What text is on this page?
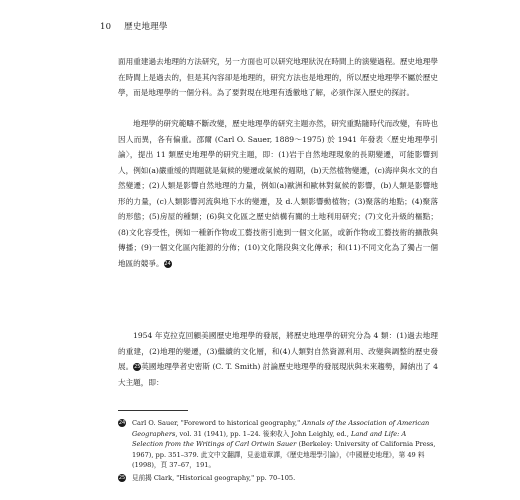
10 歷史地理學
面用重建過去地理的方法研究，另一方面也可以研究地理狀況在時間上的演變過程。歷史地理學在時間上是過去的，但是其內容卻是地理的，研究方法也是地理的，所以歷史地理學不屬於歷史學，而是地理學的一個分科。為了要對現在地理有透徹地了解，必須作深入歷史的探討。
地理學的研究範疇不斷改變，歷史地理學的研究主題亦然，研究重點隨時代而改變，有時也因人而異，各有偏重。邵爾 (Carl O. Sauer, 1889～1975) 於 1941 年發表〈歷史地理學引論〉，提出 11 類歷史地理學的研究主題，即：(1)岩于自然地理現象的長期變遷，可能影響到人，例如(a)嚴重缓的問題就是氣候的變遷或氣候的週期，(b)天然植物變遷，(c)海岸與水文的自然變遷；(2)人類是影響自然地理的力量，例如(a)歐洲和歐林對氣候的影響，(b)人類是影響地形的力量，(c)人類影響河流與地下水的變遷，及 d.人類影響動植物；(3)聚落的地點；(4)聚落的形態；(5)房屋的種類；(6)與文化區之歷史結構有關的土地利用研究；(7)文化升級的樞點；(8)文化容受性，例如一種新作物或工藝技術引進到一個文化區，或新作物或工藝技術的擴散與傳播；(9)一個文化區內能源的分佈；(10)文化階段與文化傳承；和(11)不同文化為了獨占一個地區的競爭。24
1954 年克拉克回顧美國歷史地理學的發展，將歷史地理學的研究分為 4 類：(1)過去地理的重建，(2)地理的變遷，(3)繼續的文化層，和(4)人類對自然資源利用、改變與調整的歷史發展。25英國地理學者史密斯 (C. T. Smith) 討論歷史地理學的發展現狀與未來趨勢，歸納出了 4 大主題，即：
24 Carl O. Sauer, "Foreword to historical geography," Annals of the Association of American Geographers, vol. 31 (1941), pp. 1–24. 後來收入 John Leighly, ed., Land and Life: A Selection from the Writings of Carl Ortwin Sauer (Berkeley: University of California Press, 1967), pp. 351–379. 此文中文翻譯，見姜道章譯，《歷史地理學引論》，《中國歷史地理》，第 49 料 (1998)，頁 37–67，191。
25 見前揭 Clark, "Historical geography," pp. 70–105.
